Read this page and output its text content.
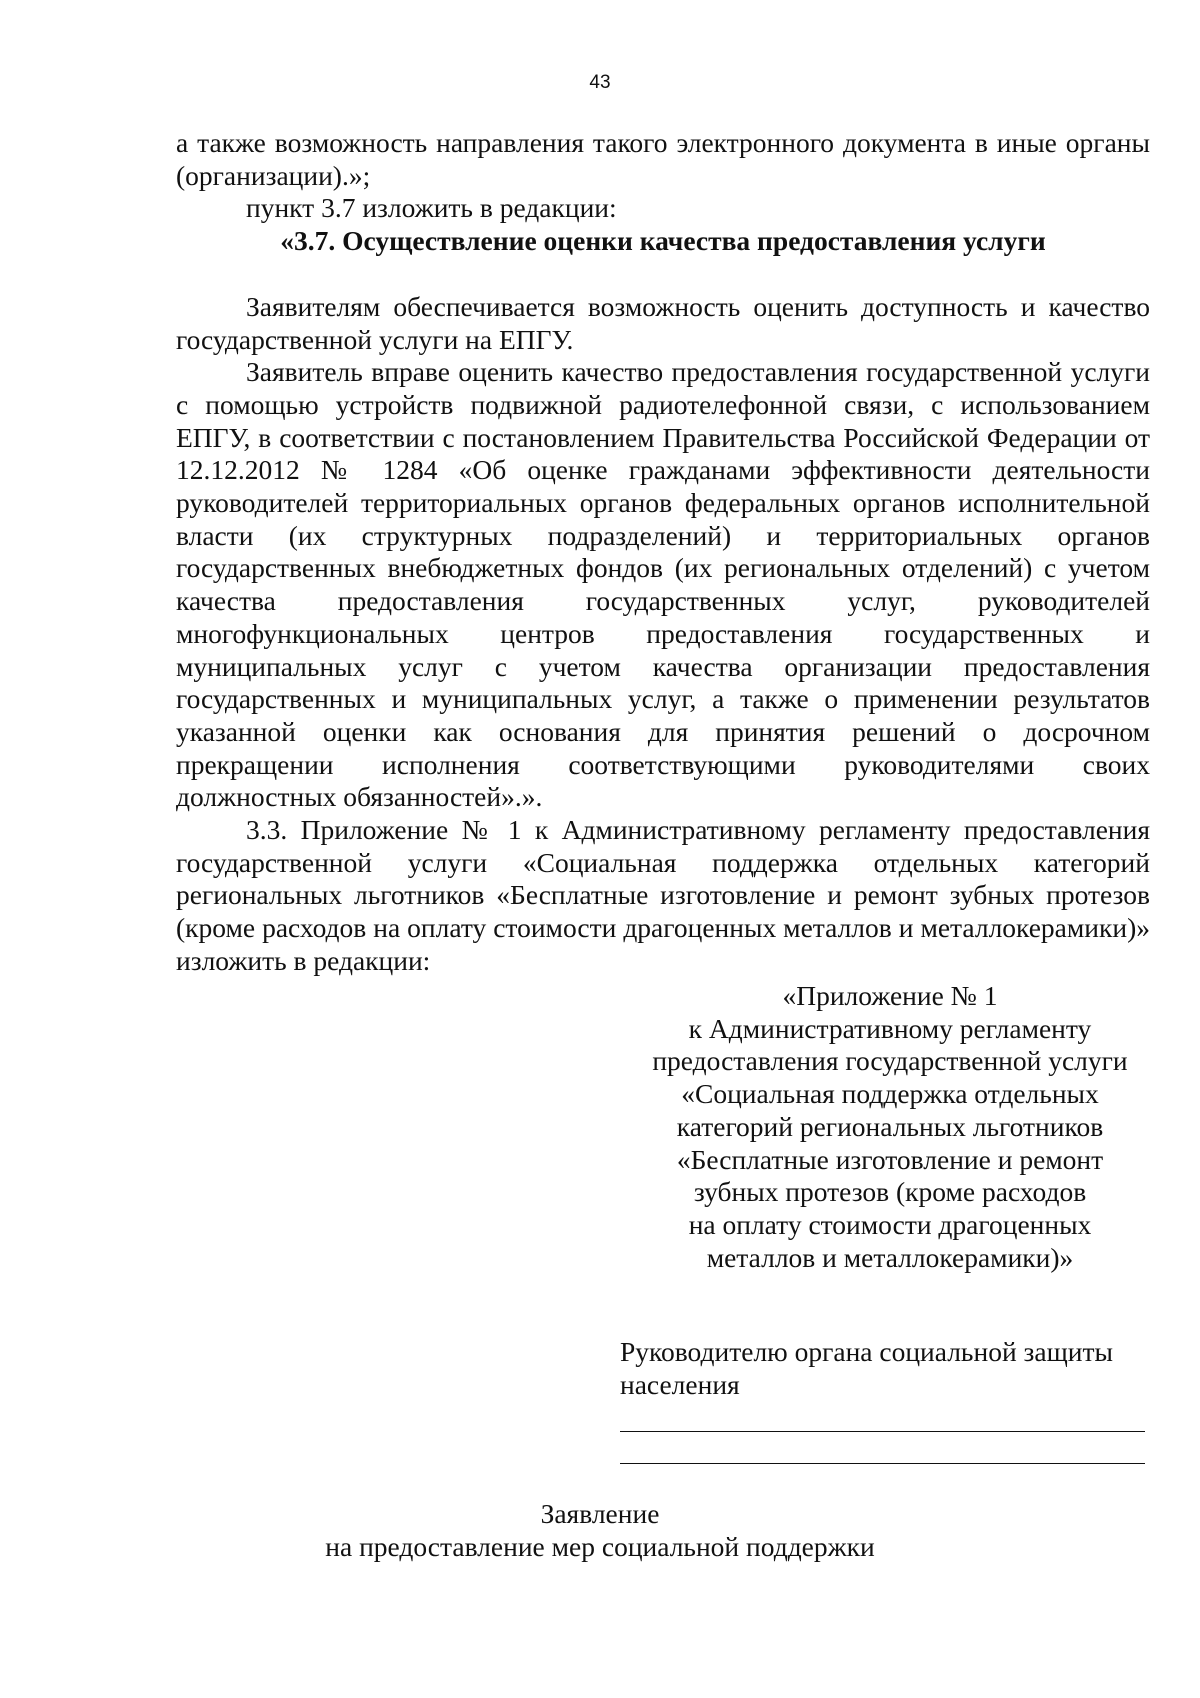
43

а также возможность направления такого электронного документа в иные органы (организации).»;

пункт 3.7 изложить в редакции:

«3.7. Осуществление оценки качества предоставления услуги

Заявителям обеспечивается возможность оценить доступность и качество государственной услуги на ЕПГУ.

Заявитель вправе оценить качество предоставления государственной услуги с помощью устройств подвижной радиотелефонной связи, с использованием ЕПГУ, в соответствии с постановлением Правительства Российской Федерации от 12.12.2012 № 1284 «Об оценке гражданами эффективности деятельности руководителей территориальных органов федеральных органов исполнительной власти (их структурных подразделений) и территориальных органов государственных внебюджетных фондов (их региональных отделений) с учетом качества предоставления государственных услуг, руководителей многофункциональных центров предоставления государственных и муниципальных услуг с учетом качества организации предоставления государственных и муниципальных услуг, а также о применении результатов указанной оценки как основания для принятия решений о досрочном прекращении исполнения соответствующими руководителями своих должностных обязанностей».».

3.3. Приложение № 1 к Административному регламенту предоставления государственной услуги «Социальная поддержка отдельных категорий региональных льготников «Бесплатные изготовление и ремонт зубных протезов (кроме расходов на оплату стоимости драгоценных металлов и металлокерамики)» изложить в редакции:

«Приложение № 1
к Административному регламенту
предоставления государственной услуги
«Социальная поддержка отдельных
категорий региональных льготников
«Бесплатные изготовление и ремонт
зубных протезов (кроме расходов
на оплату стоимости драгоценных
металлов и металлокерамики)»
Руководителю органа социальной защиты населения
Заявление
на предоставление мер социальной поддержки
